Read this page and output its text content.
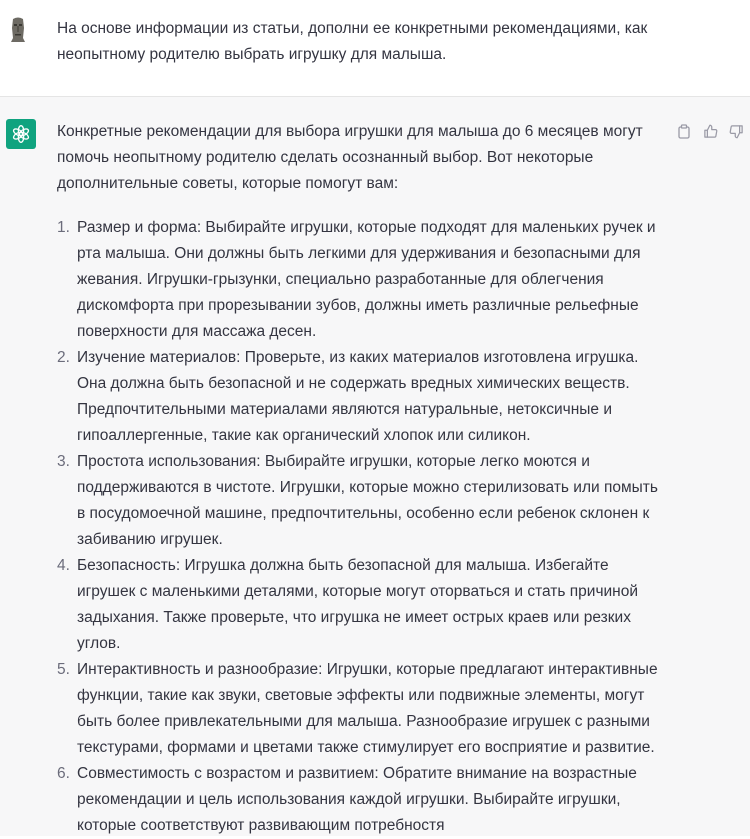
На основе информации из статьи, дополни ее конкретными рекомендациями, как неопытному родителю выбрать игрушку для малыша.

Конкретные рекомендации для выбора игрушки для малыша до 6 месяцев могут помочь неопытному родителю сделать осознанный выбор. Вот некоторые дополнительные советы, которые помогут вам:

1. Размер и форма: Выбирайте игрушки, которые подходят для маленьких ручек и рта малыша. Они должны быть легкими для удерживания и безопасными для жевания. Игрушки-грызунки, специально разработанные для облегчения дискомфорта при прорезывании зубов, должны иметь различные рельефные поверхности для массажа десен.
2. Изучение материалов: Проверьте, из каких материалов изготовлена игрушка. Она должна быть безопасной и не содержать вредных химических веществ. Предпочтительными материалами являются натуральные, нетоксичные и гипоаллергенные, такие как органический хлопок или силикон.
3. Простота использования: Выбирайте игрушки, которые легко моются и поддерживаются в чистоте. Игрушки, которые можно стерилизовать или помыть в посудомоечной машине, предпочтительны, особенно если ребенок склонен к забиванию игрушек.
4. Безопасность: Игрушка должна быть безопасной для малыша. Избегайте игрушек с маленькими деталями, которые могут оторваться и стать причиной задыхания. Также проверьте, что игрушка не имеет острых краев или резких углов.
5. Интерактивность и разнообразие: Игрушки, которые предлагают интерактивные функции, такие как звуки, световые эффекты или подвижные элементы, могут быть более привлекательными для малыша. Разнообразие игрушек с разными текстурами, формами и цветами также стимулирует его восприятие и развитие.
6. Совместимость с возрастом и развитием: Обратите внимание на возрастные рекомендации и цель использования каждой игрушки. Выбирайте игрушки, которые соответствуют развивающим потребностя
